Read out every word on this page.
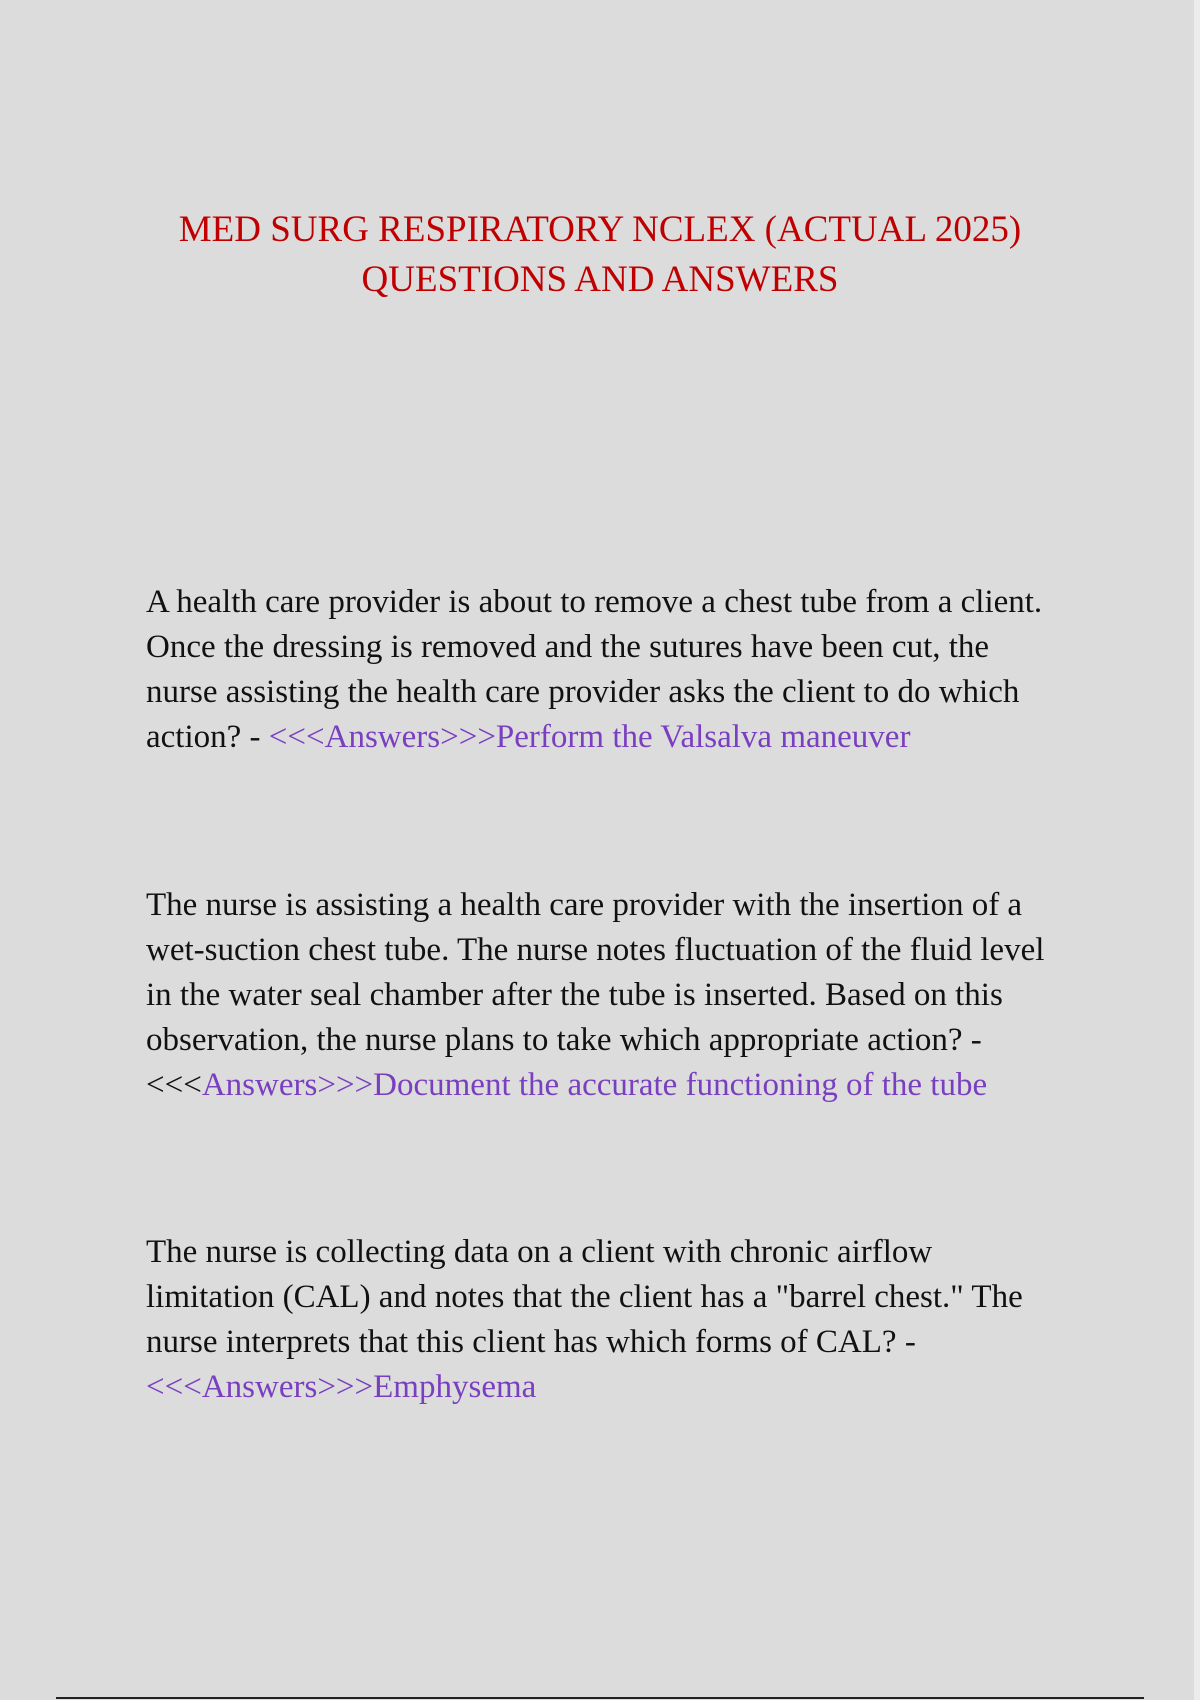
MED SURG RESPIRATORY NCLEX (ACTUAL 2025) QUESTIONS AND ANSWERS

A health care provider is about to remove a chest tube from a client. Once the dressing is removed and the sutures have been cut, the nurse assisting the health care provider asks the client to do which action? - <<<Answers>>>Perform the Valsalva maneuver

The nurse is assisting a health care provider with the insertion of a wet-suction chest tube. The nurse notes fluctuation of the fluid level in the water seal chamber after the tube is inserted. Based on this observation, the nurse plans to take which appropriate action? - <<<Answers>>>Document the accurate functioning of the tube

The nurse is collecting data on a client with chronic airflow limitation (CAL) and notes that the client has a "barrel chest." The nurse interprets that this client has which forms of CAL? - <<<Answers>>>Emphysema
